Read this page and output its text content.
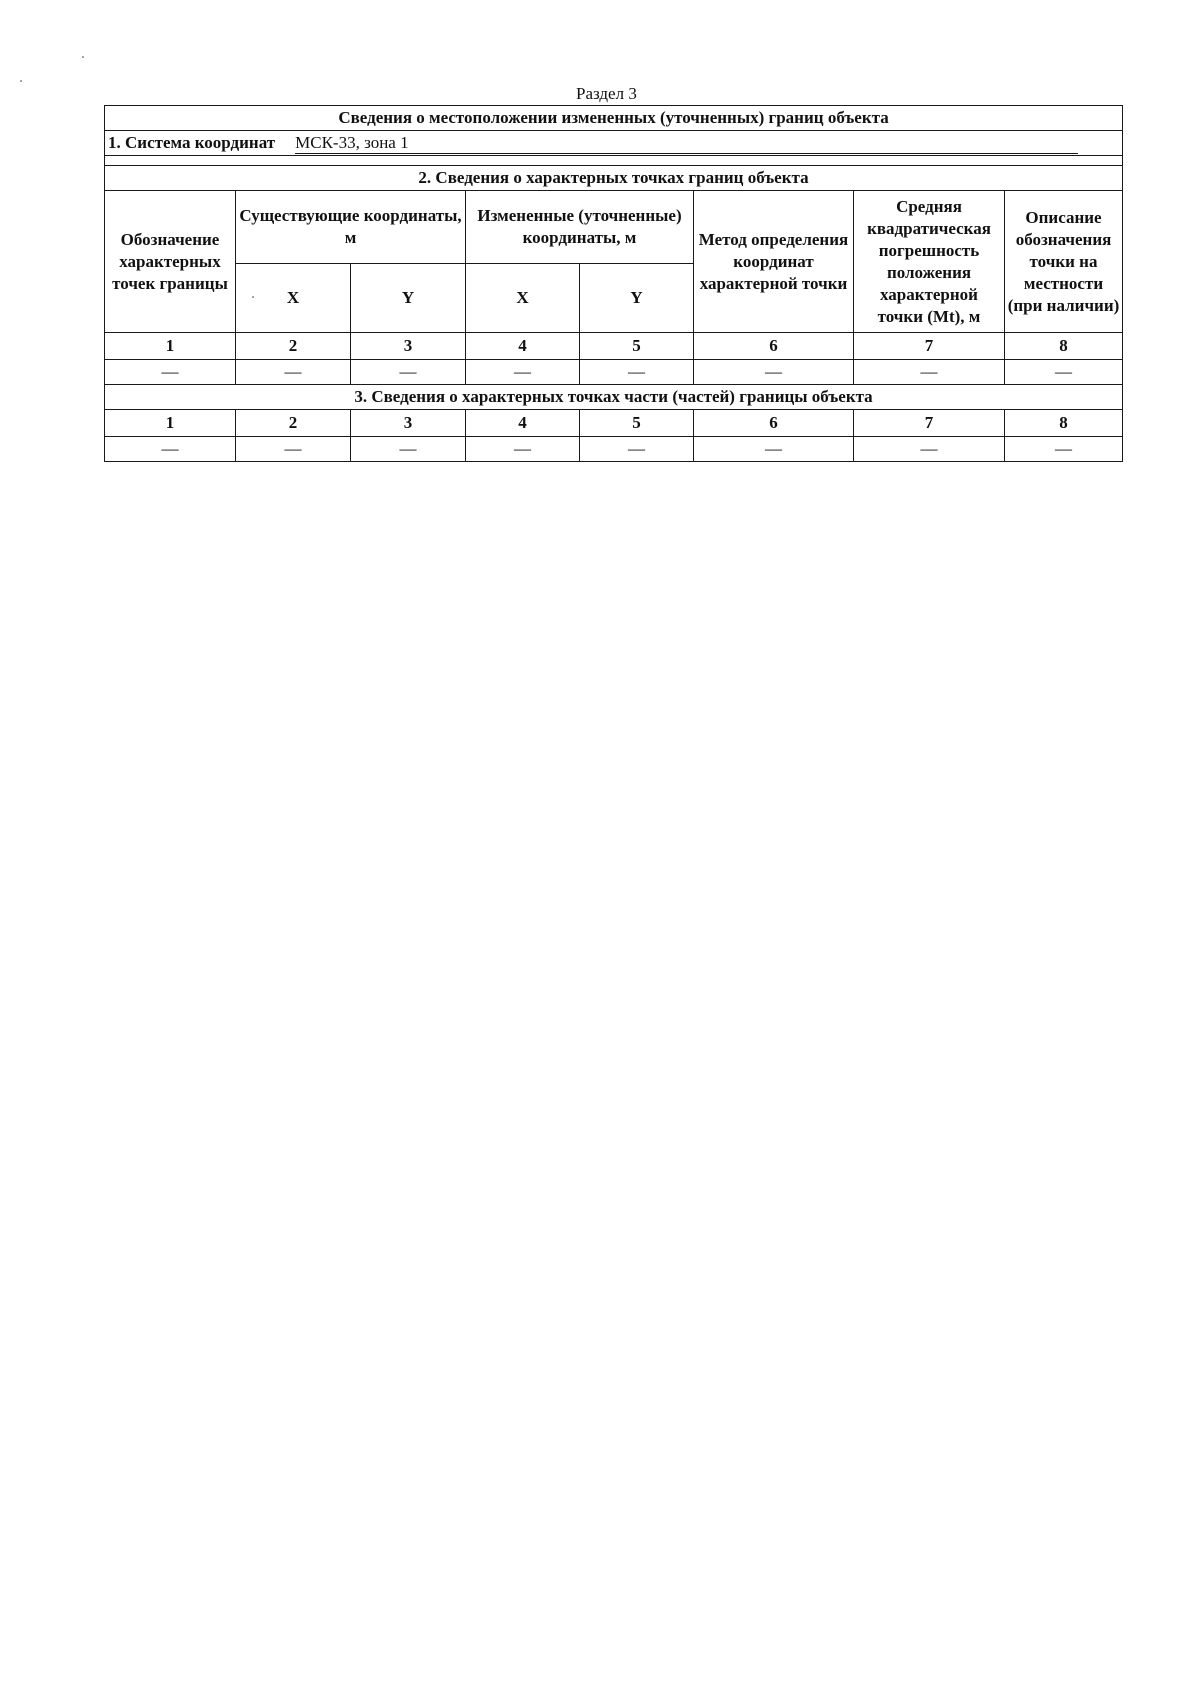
Раздел 3
Сведения о местоположении измененных (уточненных) границ объекта							
1. Система координат МСК-33, зона 1							

2. Сведения о характерных точках границ объекта							

Обозначение характерных точек границы	Существующие координаты, м		Измененные (уточненные) координаты, м		Метод определения координат характерной точки	Средняя квадратическая погрешность положения характерной точки (Mt), м	Описание обозначения точки на местности (при наличии)

	X	Y	X	Y			
1	2	3	4	5	6	7	8
—	—	—	—	—	—	—	—
3. Сведения о характерных точках части (частей) границы объекта							
1	2	3	4	5	6	7	8
—	—	—	—	—	—	—	—
